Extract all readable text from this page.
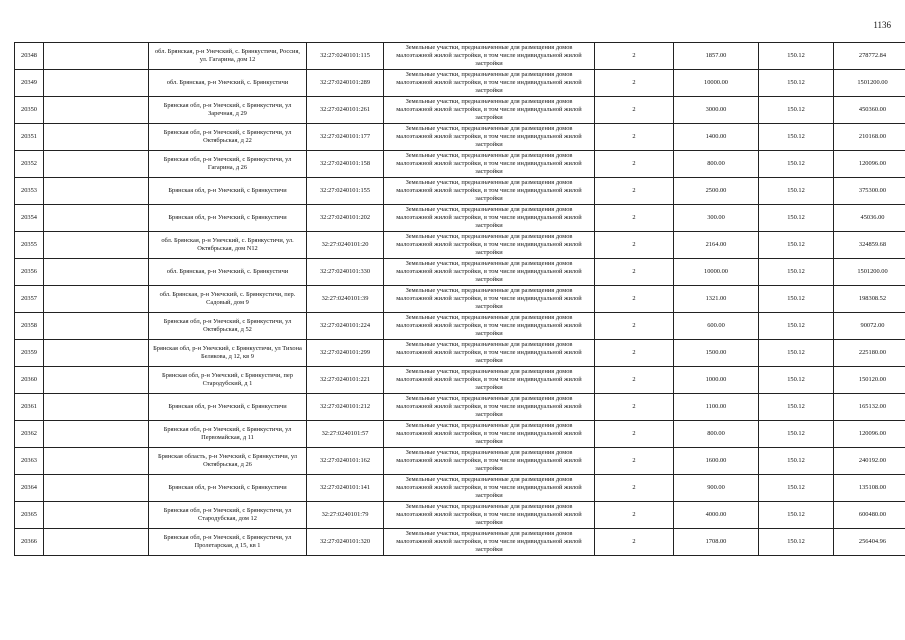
1136
20348		обл. Брянская, р-н Унечский, с. Брянкустичи, Россия, ул. Гагарина, дом 12	32:27:0240101:115	Земельные участки, предназначенные для размещения домов малоэтажной жилой застройки, в том числе индивидуальной жилой застройки	2	1857.00	150.12	278772.84
20349		обл. Брянская, р-н Унечский, с. Брянкустичи	32:27:0240101:289	Земельные участки, предназначенные для размещения домов малоэтажной жилой застройки, в том числе индивидуальной жилой застройки	2	10000.00	150.12	1501200.00
20350		Брянская обл, р-н Унечский, с Брянкустичи, ул Заречная, д 29	32:27:0240101:261	Земельные участки, предназначенные для размещения домов малоэтажной жилой застройки, в том числе индивидуальной жилой застройки	2	3000.00	150.12	450360.00
20351		Брянская обл, р-н Унечский, с Брянкустичи, ул Октябрьская, д 22	32:27:0240101:177	Земельные участки, предназначенные для размещения домов малоэтажной жилой застройки, в том числе индивидуальной жилой застройки	2	1400.00	150.12	210168.00
20352		Брянская обл, р-н Унечский, с Брянкустичи, ул Гагарина, д 26	32:27:0240101:158	Земельные участки, предназначенные для размещения домов малоэтажной жилой застройки, в том числе индивидуальной жилой застройки	2	800.00	150.12	120096.00
20353		Брянская обл, р-н Унечский, с Брянкустичи	32:27:0240101:155	Земельные участки, предназначенные для размещения домов малоэтажной жилой застройки, в том числе индивидуальной жилой застройки	2	2500.00	150.12	375300.00
20354		Брянская обл, р-н Унечский, с Брянкустичи	32:27:0240101:202	Земельные участки, предназначенные для размещения домов малоэтажной жилой застройки, в том числе индивидуальной жилой застройки	2	300.00	150.12	45036.00
20355		обл. Брянская, р-н Унечский, с. Брянкустичи, ул. Октябрьская, дом N12	32:27:0240101:20	Земельные участки, предназначенные для размещения домов малоэтажной жилой застройки, в том числе индивидуальной жилой застройки	2	2164.00	150.12	324859.68
20356		обл. Брянская, р-н Унечский, с. Брянкустичи	32:27:0240101:330	Земельные участки, предназначенные для размещения домов малоэтажной жилой застройки, в том числе индивидуальной жилой застройки	2	10000.00	150.12	1501200.00
20357		обл. Брянская, р-н Унечский, с. Брянкустичи, пер. Садовый, дом 9	32:27:0240101:39	Земельные участки, предназначенные для размещения домов малоэтажной жилой застройки, в том числе индивидуальной жилой застройки	2	1321.00	150.12	198308.52
20358		Брянская обл, р-н Унечский, с Брянкустичи, ул Октябрьская, д 52	32:27:0240101:224	Земельные участки, предназначенные для размещения домов малоэтажной жилой застройки, в том числе индивидуальной жилой застройки	2	600.00	150.12	90072.00
20359		Брянская обл, р-н Унечский, с Брянкустичи, ул Тихона Белякова, д 12, кв 9	32:27:0240101:299	Земельные участки, предназначенные для размещения домов малоэтажной жилой застройки, в том числе индивидуальной жилой застройки	2	1500.00	150.12	225180.00
20360		Брянская обл, р-н Унечский, с Брянкустичи, пер Стародубский, д 1	32:27:0240101:221	Земельные участки, предназначенные для размещения домов малоэтажной жилой застройки, в том числе индивидуальной жилой застройки	2	1000.00	150.12	150120.00
20361		Брянская обл, р-н Унечский, с Брянкустичи	32:27:0240101:212	Земельные участки, предназначенные для размещения домов малоэтажной жилой застройки, в том числе индивидуальной жилой застройки	2	1100.00	150.12	165132.00
20362		Брянская обл, р-н Унечский, с Брянкустичи, ул Первомайская, д 11	32:27:0240101:57	Земельные участки, предназначенные для размещения домов малоэтажной жилой застройки, в том числе индивидуальной жилой застройки	2	800.00	150.12	120096.00
20363		Брянская область, р-н Унечский, с Брянкустичи, ул Октябрьская, д 26	32:27:0240101:162	Земельные участки, предназначенные для размещения домов малоэтажной жилой застройки, в том числе индивидуальной жилой застройки	2	1600.00	150.12	240192.00
20364		Брянская обл, р-н Унечский, с Брянкустичи	32:27:0240101:141	Земельные участки, предназначенные для размещения домов малоэтажной жилой застройки, в том числе индивидуальной жилой застройки	2	900.00	150.12	135108.00
20365		Брянская обл, р-н Унечский, с Брянкустичи, ул Стародубская, дом 12	32:27:0240101:79	Земельные участки, предназначенные для размещения домов малоэтажной жилой застройки, в том числе индивидуальной жилой застройки	2	4000.00	150.12	600480.00
20366		Брянская обл, р-н Унечский, с Брянкустичи, ул Пролетарская, д 15, кв 1	32:27:0240101:320	Земельные участки, предназначенные для размещения домов малоэтажной жилой застройки, в том числе индивидуальной жилой застройки	2	1708.00	150.12	256404.96
